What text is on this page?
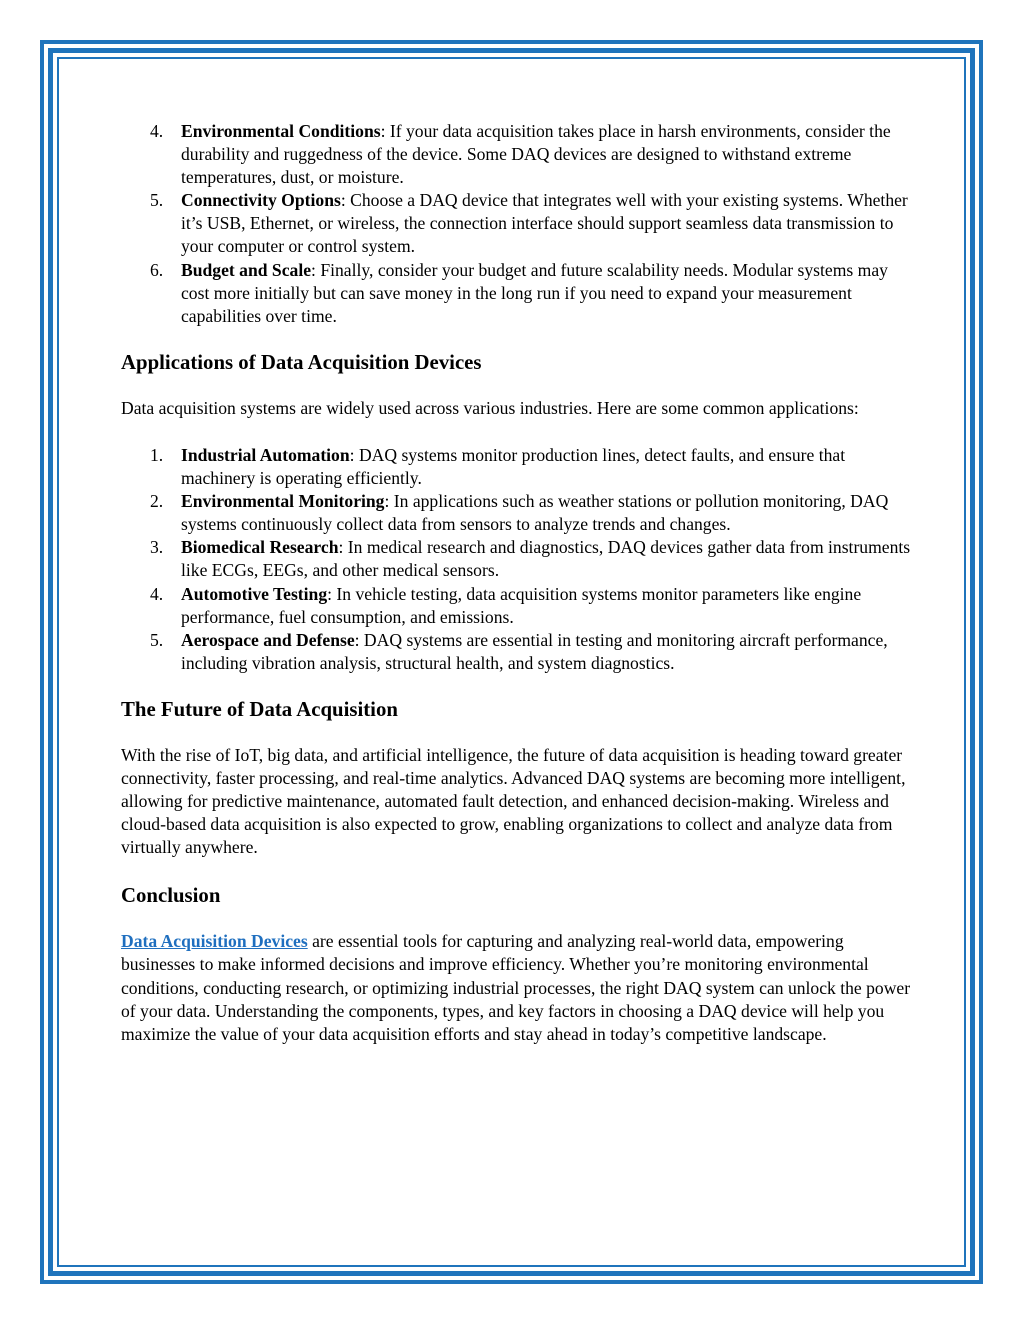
4.	Environmental Conditions: If your data acquisition takes place in harsh environments, consider the durability and ruggedness of the device. Some DAQ devices are designed to withstand extreme temperatures, dust, or moisture.
5.	Connectivity Options: Choose a DAQ device that integrates well with your existing systems. Whether it’s USB, Ethernet, or wireless, the connection interface should support seamless data transmission to your computer or control system.
6.	Budget and Scale: Finally, consider your budget and future scalability needs. Modular systems may cost more initially but can save money in the long run if you need to expand your measurement capabilities over time.
Applications of Data Acquisition Devices

Data acquisition systems are widely used across various industries. Here are some common applications:

1.	Industrial Automation: DAQ systems monitor production lines, detect faults, and ensure that machinery is operating efficiently.
2.	Environmental Monitoring: In applications such as weather stations or pollution monitoring, DAQ systems continuously collect data from sensors to analyze trends and changes.
3.	Biomedical Research: In medical research and diagnostics, DAQ devices gather data from instruments like ECGs, EEGs, and other medical sensors.
4.	Automotive Testing: In vehicle testing, data acquisition systems monitor parameters like engine performance, fuel consumption, and emissions.
5.	Aerospace and Defense: DAQ systems are essential in testing and monitoring aircraft performance, including vibration analysis, structural health, and system diagnostics.
The Future of Data Acquisition

With the rise of IoT, big data, and artificial intelligence, the future of data acquisition is heading toward greater connectivity, faster processing, and real-time analytics. Advanced DAQ systems are becoming more intelligent, allowing for predictive maintenance, automated fault detection, and enhanced decision-making. Wireless and cloud-based data acquisition is also expected to grow, enabling organizations to collect and analyze data from virtually anywhere.

Conclusion

Data Acquisition Devices are essential tools for capturing and analyzing real-world data, empowering businesses to make informed decisions and improve efficiency. Whether you’re monitoring environmental conditions, conducting research, or optimizing industrial processes, the right DAQ system can unlock the power of your data. Understanding the components, types, and key factors in choosing a DAQ device will help you maximize the value of your data acquisition efforts and stay ahead in today’s competitive landscape.
